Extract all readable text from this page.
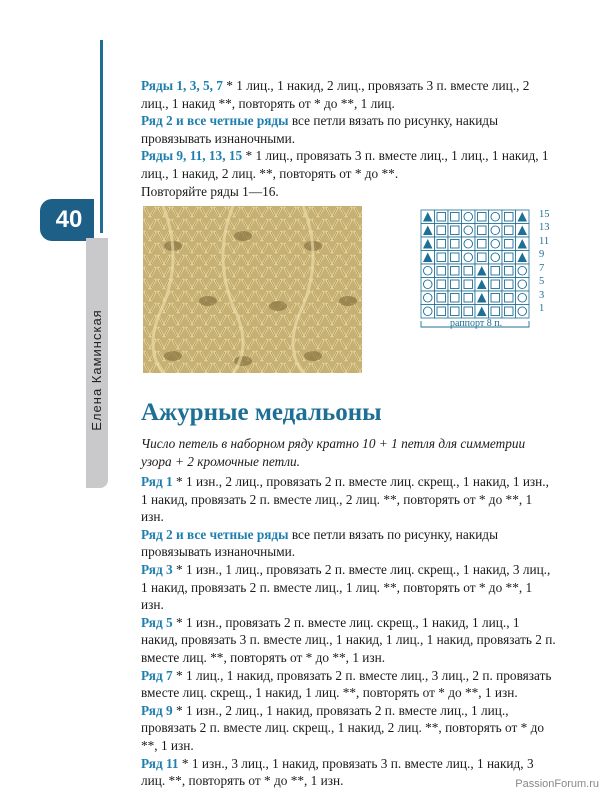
40
Елена Каминская

Ряды 1, 3, 5, 7 * 1 лиц., 1 накид, 2 лиц., провязать 3 п. вместе лиц., 2 лиц., 1 накид **, повторять от * до **, 1 лиц.

Ряд 2 и все четные ряды все петли вязать по рисунку, накиды провязывать изнаночными.

Ряды 9, 11, 13, 15 * 1 лиц., провязать 3 п. вместе лиц., 1 лиц., 1 накид, 1 лиц., 1 накид, 2 лиц. **, повторять от * до **.

Повторяйте ряды 1—16.

15
13
11
9
7
5
3
1
раппорт 8 п.
Ажурные медальоны

Число петель в наборном ряду кратно 10 + 1 петля для симметрии узора + 2 кромочные петли.

Ряд 1 * 1 изн., 2 лиц., провязать 2 п. вместе лиц. скрещ., 1 накид, 1 изн., 1 накид, провязать 2 п. вместе лиц., 2 лиц. **, повторять от * до **, 1 изн.

Ряд 2 и все четные ряды все петли вязать по рисунку, накиды провязывать изнаночными.

Ряд 3 * 1 изн., 1 лиц., провязать 2 п. вместе лиц. скрещ., 1 накид, 3 лиц., 1 накид, провязать 2 п. вместе лиц., 1 лиц. **, повторять от * до **, 1 изн.

Ряд 5 * 1 изн., провязать 2 п. вместе лиц. скрещ., 1 накид, 1 лиц., 1 накид, провязать 3 п. вместе лиц., 1 накид, 1 лиц., 1 накид, провязать 2 п. вместе лиц. **, повторять от * до **, 1 изн.

Ряд 7 * 1 лиц., 1 накид, провязать 2 п. вместе лиц., 3 лиц., 2 п. провязать вместе лиц. скрещ., 1 накид, 1 лиц. **, повторять от * до **, 1 изн.

Ряд 9 * 1 изн., 2 лиц., 1 накид, провязать 2 п. вместе лиц., 1 лиц., провязать 2 п. вместе лиц. скрещ., 1 накид, 2 лиц. **, повторять от * до **, 1 изн.

Ряд 11 * 1 изн., 3 лиц., 1 накид, провязать 3 п. вместе лиц., 1 накид, 3 лиц. **, повторять от * до **, 1 изн.	PassionForum.ru
